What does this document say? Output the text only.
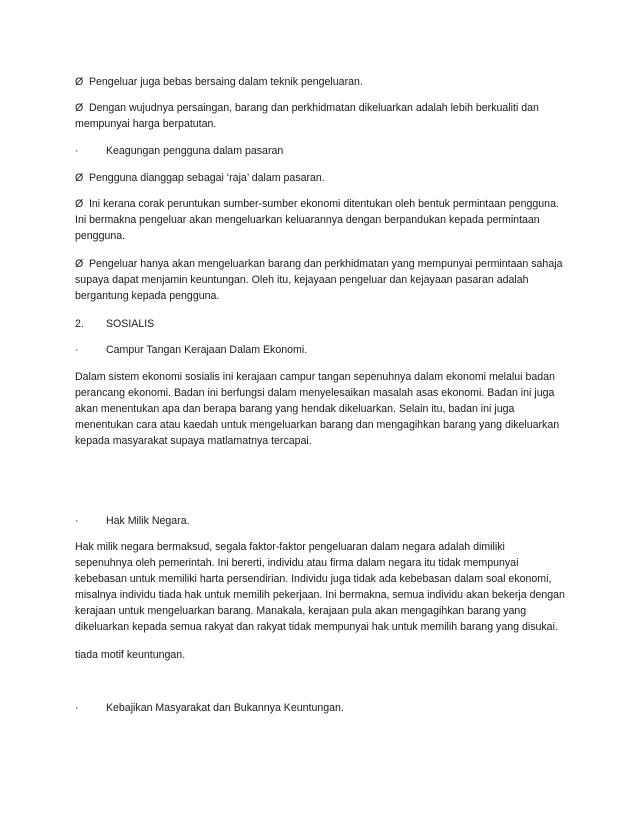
Ø Pengeluar juga bebas bersaing dalam teknik pengeluaran.

Ø Dengan wujudnya persaingan, barang dan perkhidmatan dikeluarkan adalah lebih berkualiti dan mempunyai harga berpatutan.

·	Keagungan pengguna dalam pasaran

Ø Pengguna dianggap sebagai ‘raja’ dalam pasaran.

Ø Ini kerana corak peruntukan sumber-sumber ekonomi ditentukan oleh bentuk permintaan pengguna. Ini bermakna pengeluar akan mengeluarkan keluarannya dengan berpandukan kepada permintaan pengguna.

Ø Pengeluar hanya akan mengeluarkan barang dan perkhidmatan yang mempunyai permintaan sahaja supaya dapat menjamin keuntungan. Oleh itu, kejayaan pengeluar dan kejayaan pasaran adalah bergantung kepada pengguna.

2. SOSIALIS

·	Campur Tangan Kerajaan Dalam Ekonomi.

Dalam sistem ekonomi sosialis ini kerajaan campur tangan sepenuhnya dalam ekonomi melalui badan perancang ekonomi. Badan ini berfungsi dalam menyelesaikan masalah asas ekonomi. Badan ini juga akan menentukan apa dan berapa barang yang hendak dikeluarkan. Selain itu, badan ini juga menentukan cara atau kaedah untuk mengeluarkan barang dan mengagihkan barang yang dikeluarkan kepada masyarakat supaya matlamatnya tercapai.

·	Hak Milik Negara.

Hak milik negara bermaksud, segala faktor-faktor pengeluaran dalam negara adalah dimiliki sepenuhnya oleh pemerintah. Ini bererti, individu atau firma dalam negara itu tidak mempunyai kebebasan untuk memiliki harta persendirian. Individu juga tidak ada kebebasan dalam soal ekonomi, misalnya individu tiada hak untuk memilih pekerjaan. Ini bermakna, semua individu akan bekerja dengan kerajaan untuk mengeluarkan barang. Manakala, kerajaan pula akan mengagihkan barang yang dikeluarkan kepada semua rakyat dan rakyat tidak mempunyai hak untuk memilih barang yang disukai.

tiada motif keuntungan.

·	Kebajikan Masyarakat dan Bukannya Keuntungan.
